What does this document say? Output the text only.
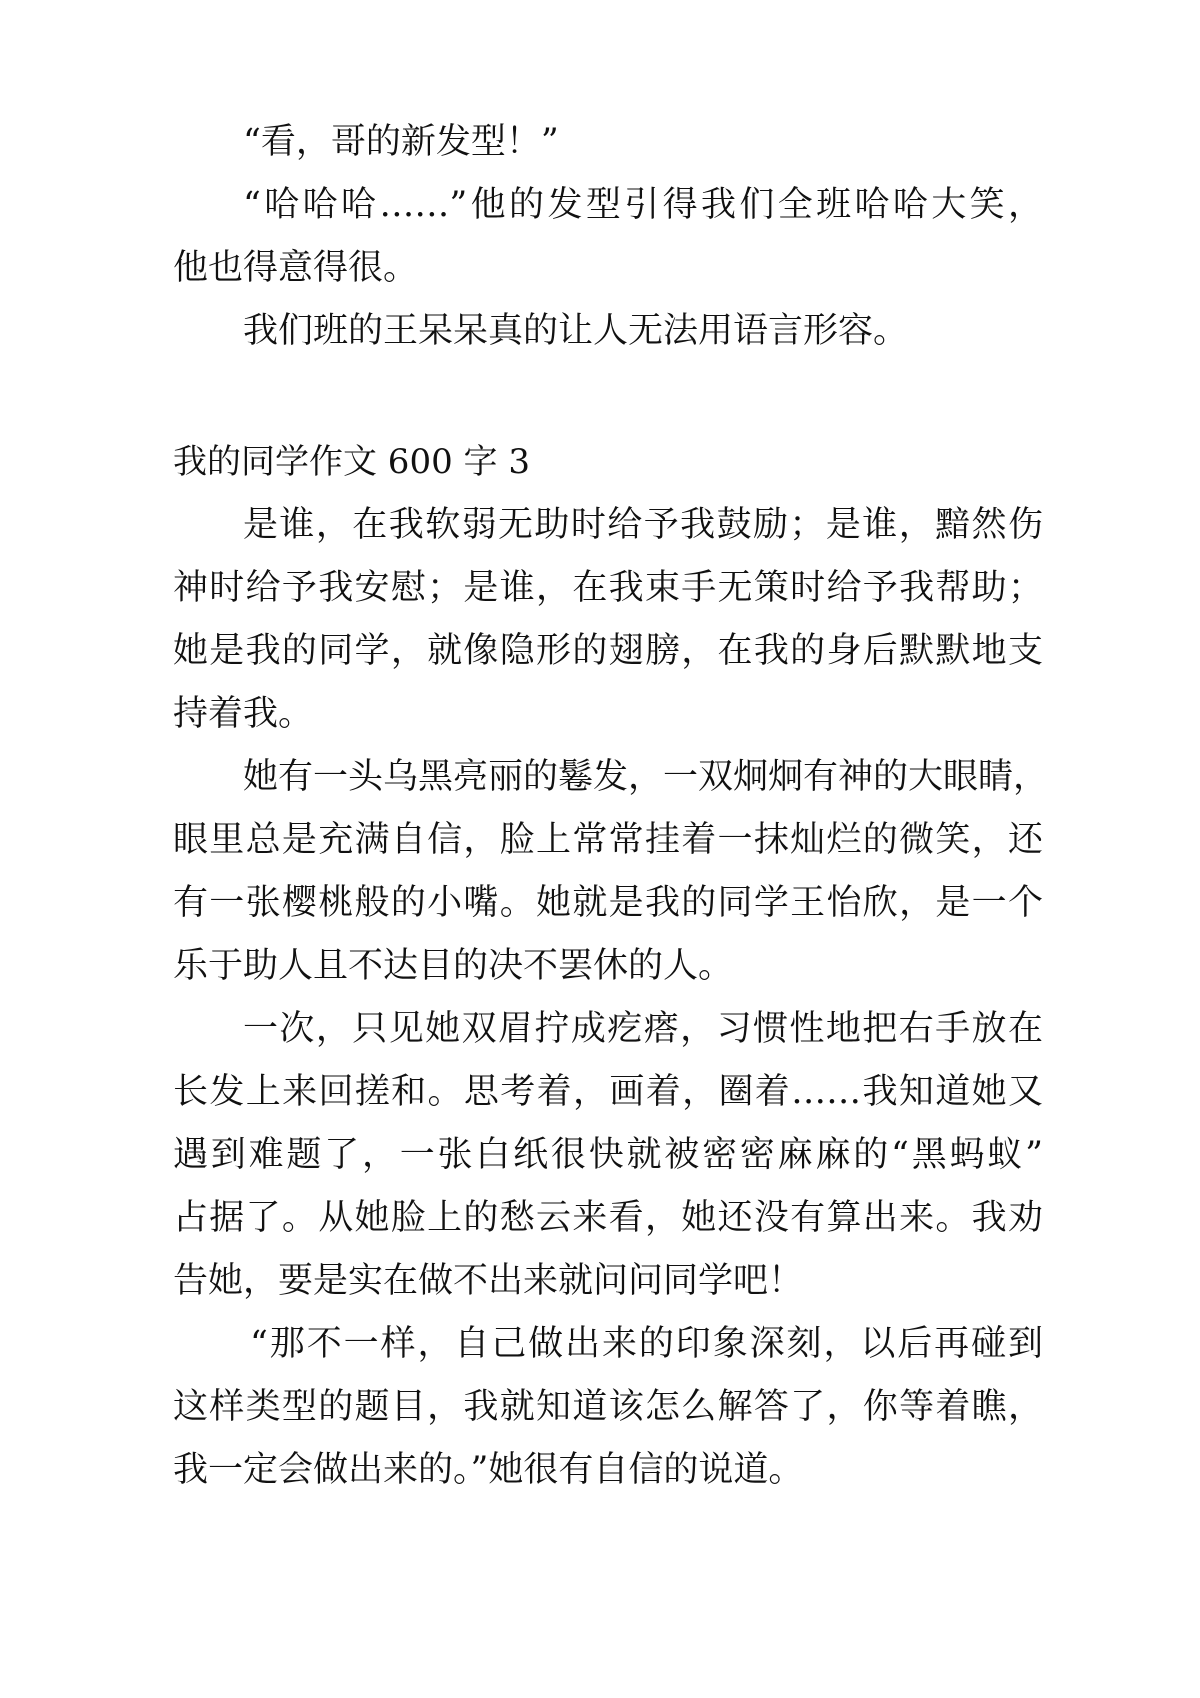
“看，哥的新发型！”
“哈哈哈……”他的发型引得我们全班哈哈大笑，
他也得意得很。
我们班的王呆呆真的让人无法用语言形容。
我的同学作文 600 字 3
是谁，在我软弱无助时给予我鼓励；是谁，黯然伤
神时给予我安慰；是谁，在我束手无策时给予我帮助；
她是我的同学，就像隐形的翅膀，在我的身后默默地支
持着我。
她有一头乌黑亮丽的鬈发，一双炯炯有神的大眼睛，
眼里总是充满自信，脸上常常挂着一抹灿烂的微笑，还
有一张樱桃般的小嘴。她就是我的同学王怡欣，是一个
乐于助人且不达目的决不罢休的人。
一次，只见她双眉拧成疙瘩，习惯性地把右手放在
长发上来回搓和。思考着，画着，圈着……我知道她又
遇到难题了，一张白纸很快就被密密麻麻的“黑蚂蚁”
占据了。从她脸上的愁云来看，她还没有算出来。我劝
告她，要是实在做不出来就问问同学吧！
“那不一样，自己做出来的印象深刻，以后再碰到
这样类型的题目，我就知道该怎么解答了，你等着瞧，
我一定会做出来的。”她很有自信的说道。
